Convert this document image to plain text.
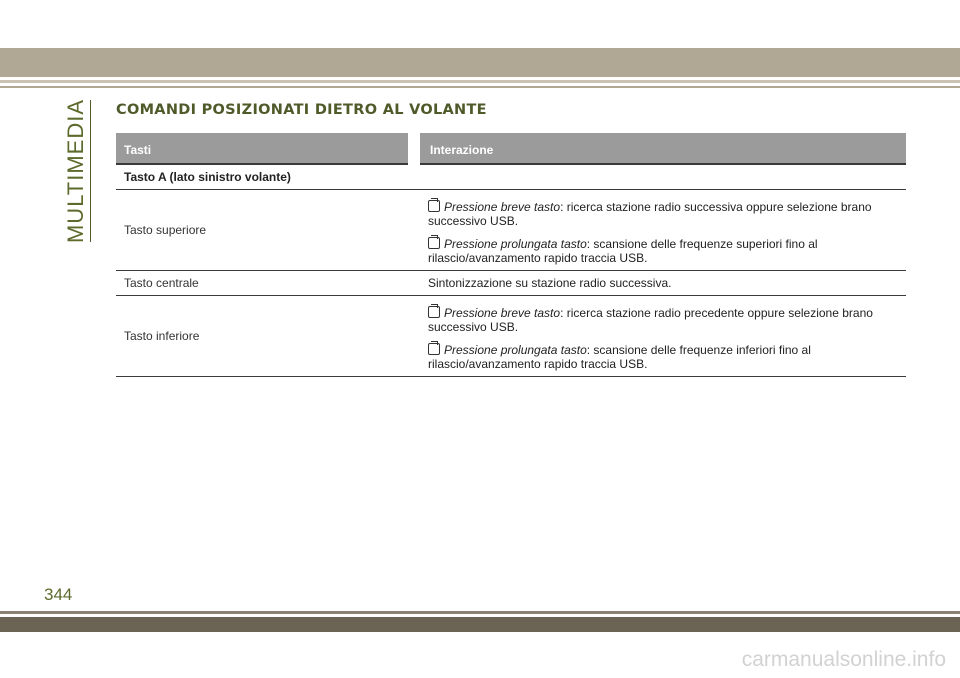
MULTIMEDIA COMANDI POSIZIONATI DIETRO AL VOLANTE
Tasti	Interazione
Tasto A (lato sinistro volante)	
Tasto superiore	Pressione breve tasto: ricerca stazione radio successiva oppure selezione brano successivo USB.
Pressione prolungata tasto: scansione delle frequenze superiori fino al rilascio/avanzamento rapido traccia USB.

Tasto centrale	Sintonizzazione su stazione radio successiva.
Tasto inferiore	Pressione breve tasto: ricerca stazione radio precedente oppure selezione brano successivo USB.
Pressione prolungata tasto: scansione delle frequenze inferiori fino al rilascio/avanzamento rapido traccia USB.
344
carmanualsonline.info
